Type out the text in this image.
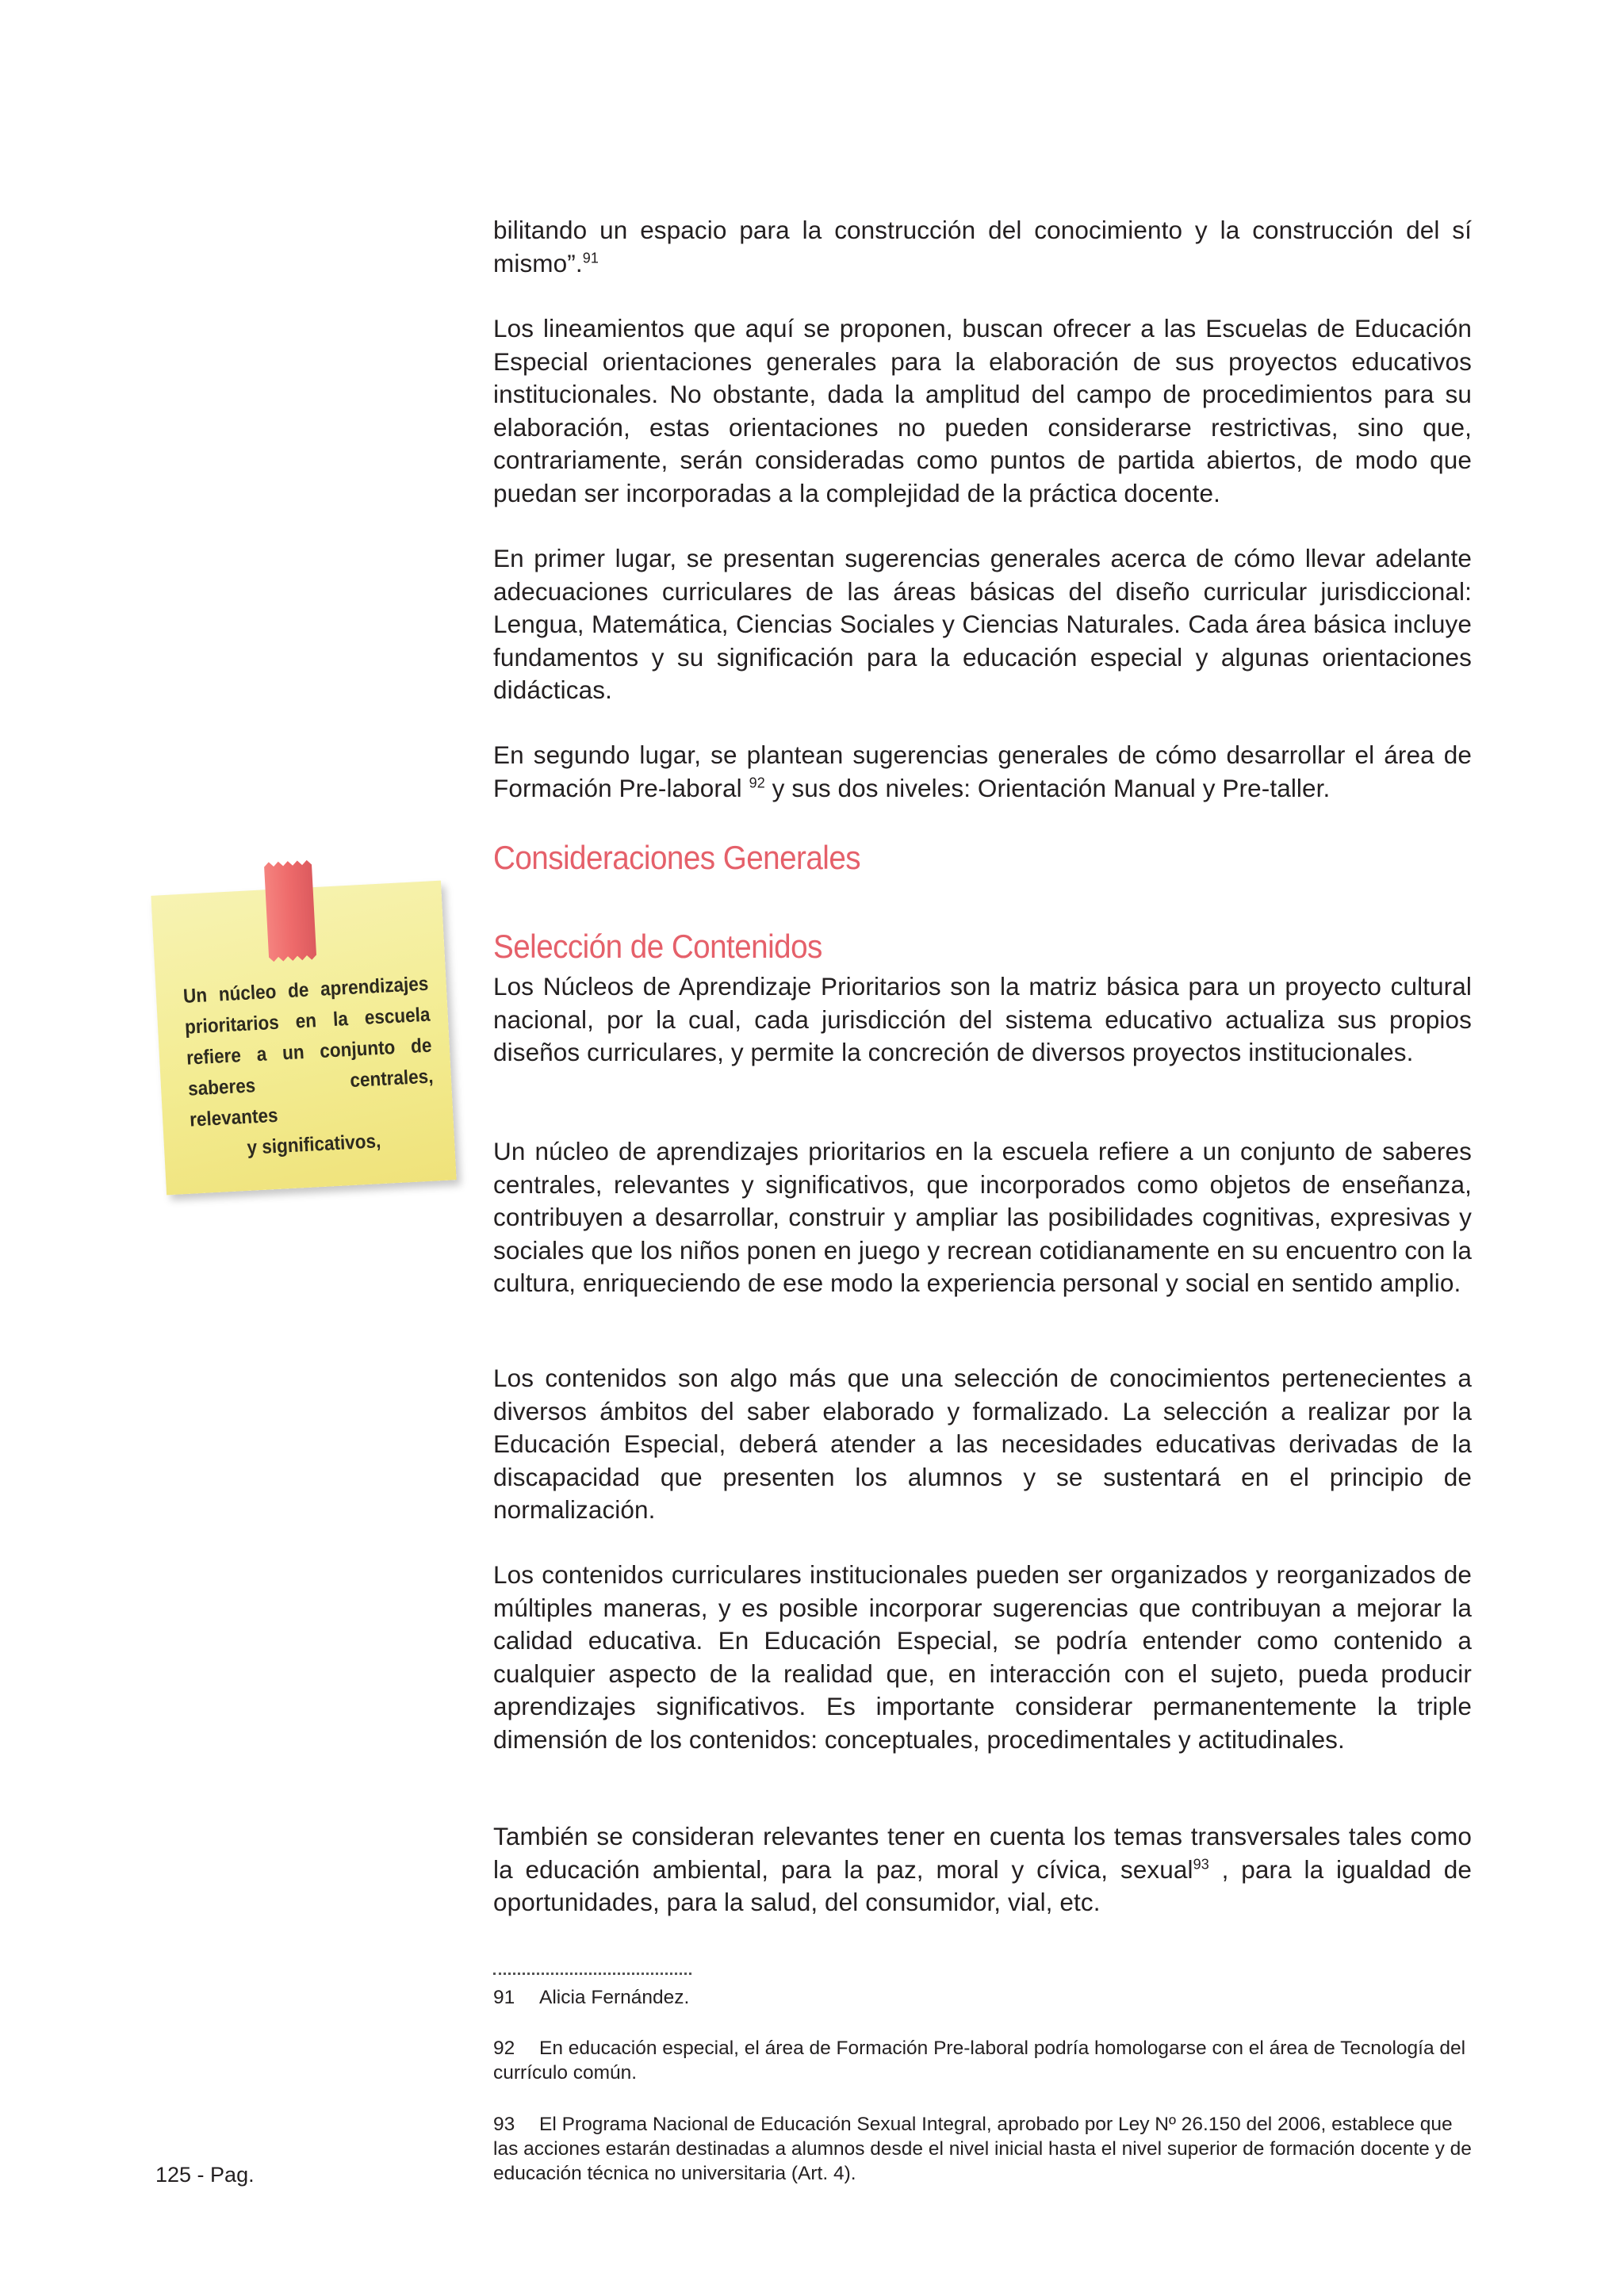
bilitando un espacio para la construcción del conocimiento y la construcción del sí mismo”.$^{91}$

Los lineamientos que aquí se proponen, buscan ofrecer a las Escuelas de Educación Especial orientaciones generales para la elaboración de sus proyectos educativos institucionales. No obstante, dada la amplitud del campo de procedimientos para su elaboración, estas orientaciones no pueden considerarse restrictivas, sino que, contrariamente, serán consideradas como puntos de partida abiertos, de modo que puedan ser incorporadas a la complejidad de la práctica docente.

En primer lugar, se presentan sugerencias generales acerca de cómo llevar adelante adecuaciones curriculares de las áreas básicas del diseño curricular jurisdiccional: Lengua, Matemática, Ciencias Sociales y Ciencias Naturales. Cada área básica incluye fundamentos y su significación para la educación especial y algunas orientaciones didácticas.

En segundo lugar, se plantean sugerencias generales de cómo desarrollar el área de Formación Pre-laboral $^{92}$ y sus dos niveles: Orientación Manual y Pre-taller.

Consideraciones Generales
Selección de Contenidos

Los Núcleos de Aprendizaje Prioritarios son la matriz básica para un proyecto cultural nacional, por la cual, cada jurisdicción del sistema educativo actualiza sus propios diseños curriculares, y permite la concreción de diversos proyectos institucionales.

Un núcleo de aprendizajes prioritarios en la escuela refiere a un conjunto de saberes centrales, relevantes y significativos, que incorporados como objetos de enseñanza, contribuyen a desarrollar, construir y ampliar las posibilidades cognitivas, expresivas y sociales que los niños ponen en juego y recrean cotidianamente en su encuentro con la cultura, enriqueciendo de ese modo la experiencia personal y social en sentido amplio.

Los contenidos son algo más que una selección de conocimientos pertenecientes a diversos ámbitos del saber elaborado y formalizado. La selección a realizar por la Educación Especial, deberá atender a las necesidades educativas derivadas de la discapacidad que presenten los alumnos y se sustentará en el principio de normalización.

Los contenidos curriculares institucionales pueden ser organizados y reorganizados de múltiples maneras, y es posible incorporar sugerencias que contribuyan a mejorar la calidad educativa. En Educación Especial, se podría entender como contenido a cualquier aspecto de la realidad que, en interacción con el sujeto, pueda producir aprendizajes significativos. Es importante considerar permanentemente la triple dimensión de los contenidos: conceptuales, procedimentales y actitudinales.

También se consideran relevantes tener en cuenta los temas transversales tales como la educación ambiental, para la paz, moral y cívica, sexual$^{93}$ , para la igualdad de oportunidades, para la salud, del consumidor, vial, etc.

Un núcleo de aprendizajes prioritarios en la escuela refiere a un conjunto de saberes centrales, relevantes
y significativos,

91 Alicia Fernández.

92 En educación especial, el área de Formación Pre-laboral podría homologarse con el área de Tecnología del currículo común.

93 El Programa Nacional de Educación Sexual Integral, aprobado por Ley Nº 26.150 del 2006, establece que las acciones estarán destinadas a alumnos desde el nivel inicial hasta el nivel superior de formación docente y de educación técnica no universitaria (Art. 4).

125 - Pag.
